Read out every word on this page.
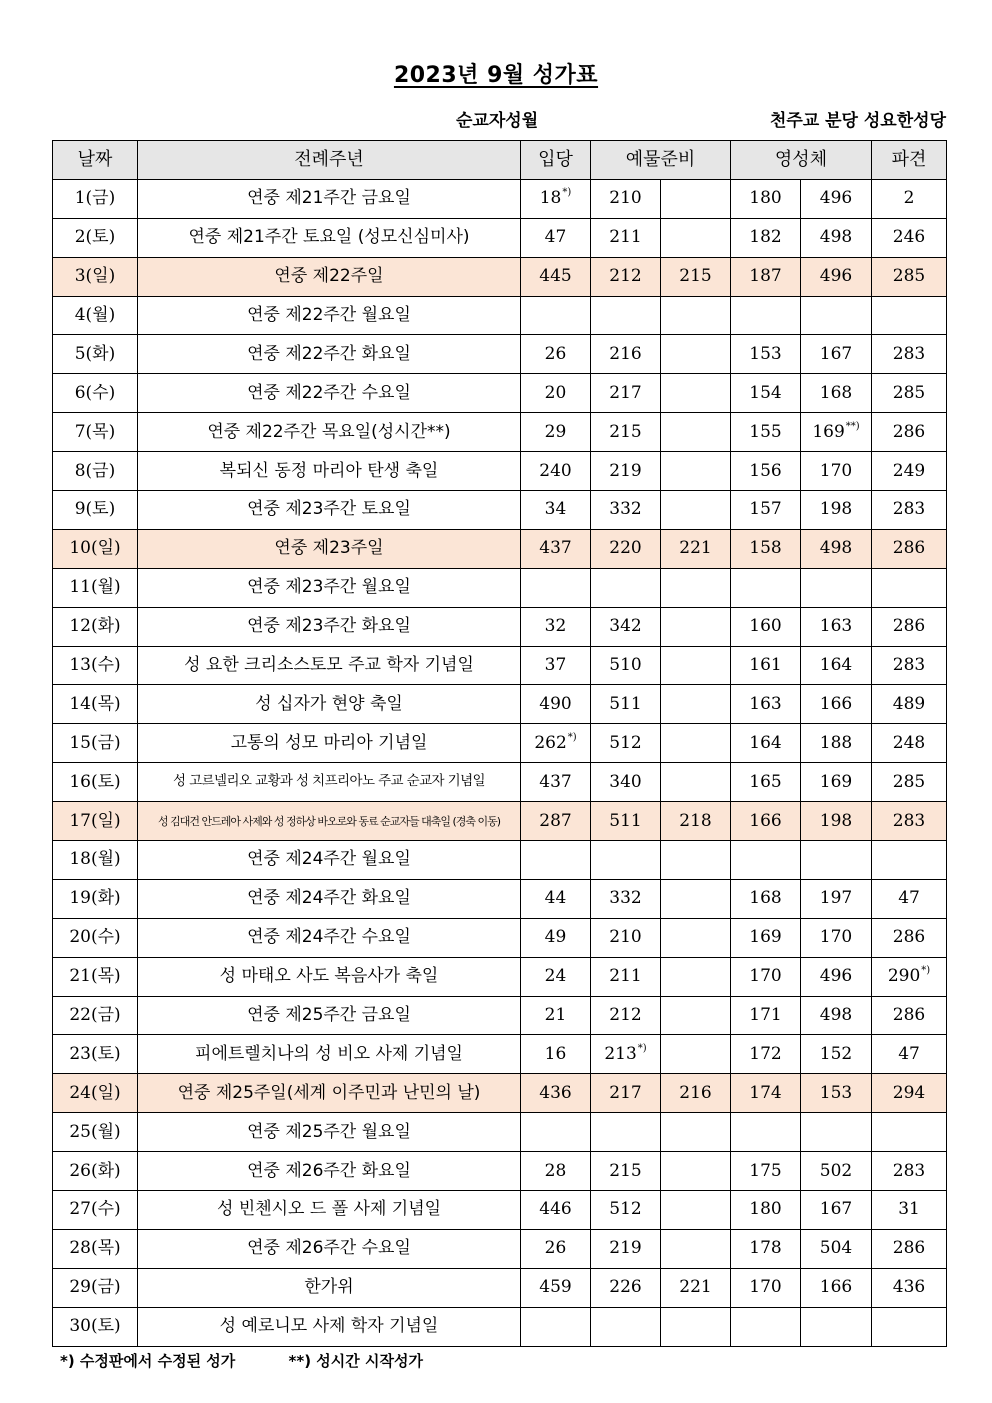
2023년 9월 성가표
순교자성월	천주교 분당 성요한성당
날짜	전례주년	입당	예물준비		영성체		파견
1(금)	연중 제21주간 금요일	18*)	210		180	496	2
2(토)	연중 제21주간 토요일 (성모신심미사)	47	211		182	498	246
3(일)	연중 제22주일	445	212	215	187	496	285
4(월)	연중 제22주간 월요일						
5(화)	연중 제22주간 화요일	26	216		153	167	283
6(수)	연중 제22주간 수요일	20	217		154	168	285
7(목)	연중 제22주간 목요일(성시간**)	29	215		155	169**)	286
8(금)	복되신 동정 마리아 탄생 축일	240	219		156	170	249
9(토)	연중 제23주간 토요일	34	332		157	198	283
10(일)	연중 제23주일	437	220	221	158	498	286
11(월)	연중 제23주간 월요일						
12(화)	연중 제23주간 화요일	32	342		160	163	286
13(수)	성 요한 크리소스토모 주교 학자 기념일	37	510		161	164	283
14(목)	성 십자가 현양 축일	490	511		163	166	489
15(금)	고통의 성모 마리아 기념일	262*)	512		164	188	248
16(토)	성 고르넬리오 교황과 성 치프리아노 주교 순교자 기념일	437	340		165	169	285
17(일)	성 김대건 안드레아 사제와 성 정하상 바오로와 동료 순교자들 대축일 (경축 이동)	287	511	218	166	198	283
18(월)	연중 제24주간 월요일						
19(화)	연중 제24주간 화요일	44	332		168	197	47
20(수)	연중 제24주간 수요일	49	210		169	170	286
21(목)	성 마태오 사도 복음사가 축일	24	211		170	496	290*)
22(금)	연중 제25주간 금요일	21	212		171	498	286
23(토)	피에트렐치나의 성 비오 사제 기념일	16	213*)		172	152	47
24(일)	연중 제25주일(세계 이주민과 난민의 날)	436	217	216	174	153	294
25(월)	연중 제25주간 월요일						
26(화)	연중 제26주간 화요일	28	215		175	502	283
27(수)	성 빈첸시오 드 폴 사제 기념일	446	512		180	167	31
28(목)	연중 제26주간 수요일	26	219		178	504	286
29(금)	한가위	459	226	221	170	166	436
30(토)	성 예로니모 사제 학자 기념일						
*) 수정판에서 수정된 성가	**) 성시간 시작성가
